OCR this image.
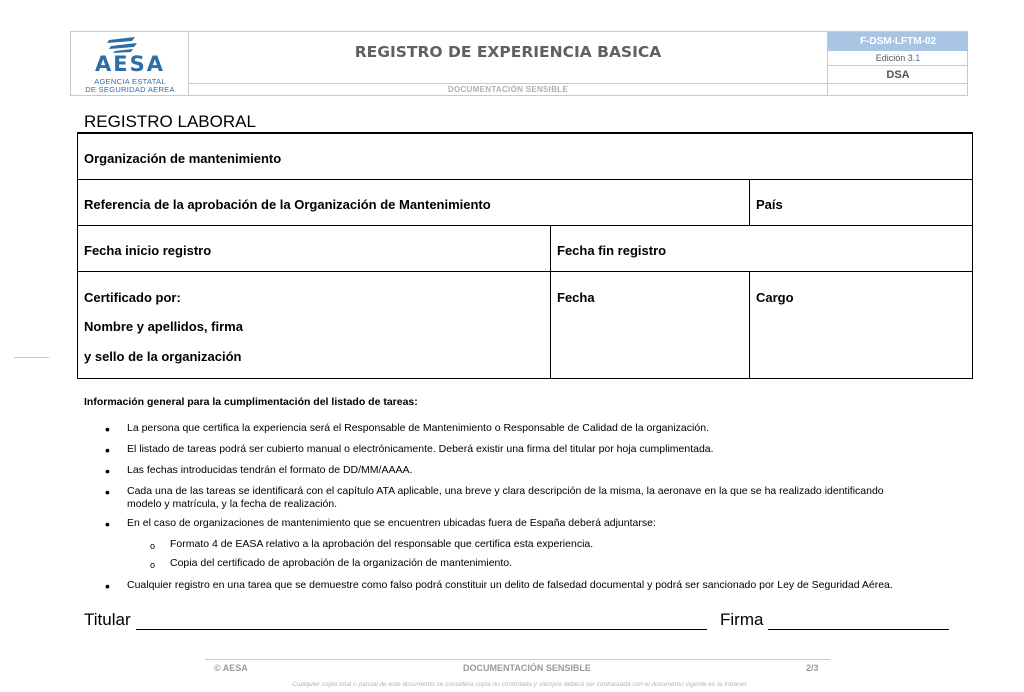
AESA
AGENCIA ESTATAL
DE SEGURIDAD AEREA
REGISTRO DE EXPERIENCIA BASICA
DOCUMENTACIÓN SENSIBLE
F-DSM-LFTM-02
Edición 3.1
DSA
REGISTRO LABORAL
Organización de mantenimiento
Referencia de la aprobación de la Organización de Mantenimiento	País
Fecha inicio registro	Fecha fin registro
Certificado por:
Nombre y apellidos, firma
y sello de la organización
Fecha	Cargo
Información general para la cumplimentación del listado de tareas:
• La persona que certifica la experiencia será el Responsable de Mantenimiento o Responsable de Calidad de la organización.
• El listado de tareas podrá ser cubierto manual o electrónicamente. Deberá existir una firma del titular por hoja cumplimentada.
• Las fechas introducidas tendrán el formato de DD/MM/AAAA.
• Cada una de las tareas se identificará con el capítulo ATA aplicable, una breve y clara descripción de la misma, la aeronave en la que se ha realizado identificando
modelo y matrícula, y la fecha de realización.
• En el caso de organizaciones de mantenimiento que se encuentren ubicadas fuera de España deberá adjuntarse:
o Formato 4 de EASA relativo a la aprobación del responsable que certifica esta experiencia.
o Copia del certificado de aprobación de la organización de mantenimiento.
• Cualquier registro en una tarea que se demuestre como falso podrá constituir un delito de falsedad documental y podrá ser sancionado por Ley de Seguridad Aérea.
Titular	Firma
© AESA	DOCUMENTACIÓN SENSIBLE	2/3
Cualquier copia total o parcial de este documento se considera copia no controlada y siempre deberá ser contrastada con el documento vigente en la Intranet.
